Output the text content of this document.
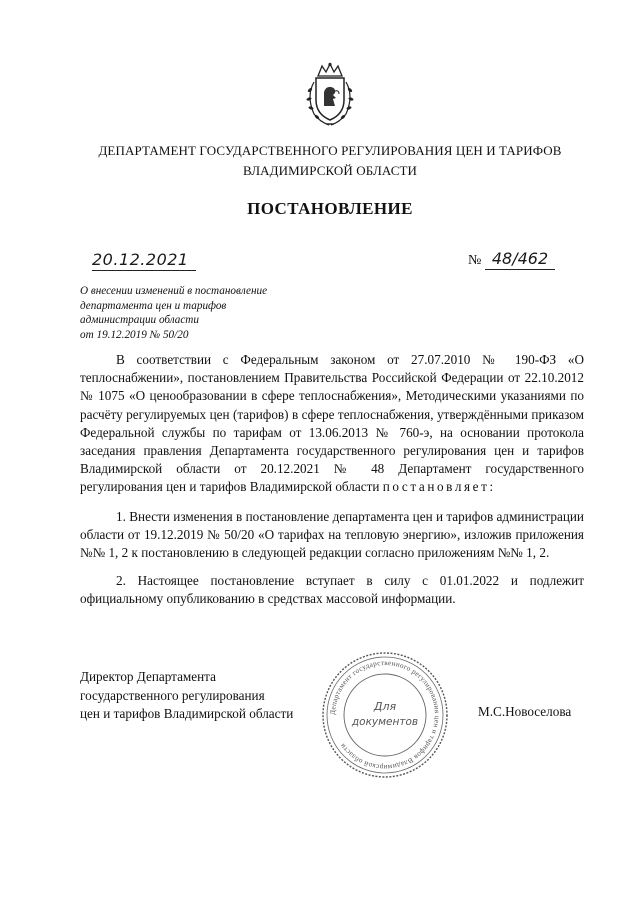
ДЕПАРТАМЕНТ ГОСУДАРСТВЕННОГО РЕГУЛИРОВАНИЯ ЦЕН И ТАРИФОВ
ВЛАДИМИРСКОЙ ОБЛАСТИ
ПОСТАНОВЛЕНИЕ
20.12.2021	№ 48/462
О внесении изменений в постановление
департамента цен и тарифов
администрации области
от 19.12.2019 № 50/20

В соответствии с Федеральным законом от 27.07.2010 № 190-ФЗ «О теплоснабжении», постановлением Правительства Российской Федерации от 22.10.2012 № 1075 «О ценообразовании в сфере теплоснабжения», Методическими указаниями по расчёту регулируемых цен (тарифов) в сфере теплоснабжения, утверждёнными приказом Федеральной службы по тарифам от 13.06.2013 № 760-э, на основании протокола заседания правления Департамента государственного регулирования цен и тарифов Владимирской области от 20.12.2021 № 48 Департамент государственного регулирования цен и тарифов Владимирской области постановляет:

1. Внести изменения в постановление департамента цен и тарифов администрации области от 19.12.2019 № 50/20 «О тарифах на тепловую энергию», изложив приложения №№ 1, 2 к постановлению в следующей редакции согласно приложениям №№ 1, 2.

2. Настоящее постановление вступает в силу с 01.01.2022 и подлежит официальному опубликованию в средствах массовой информации.

Директор Департамента
государственного регулирования
цен и тарифов Владимирской области	Департамент государственного регулирования цен и тарифов Владимирской области
Для
документов
М.С.Новоселова
